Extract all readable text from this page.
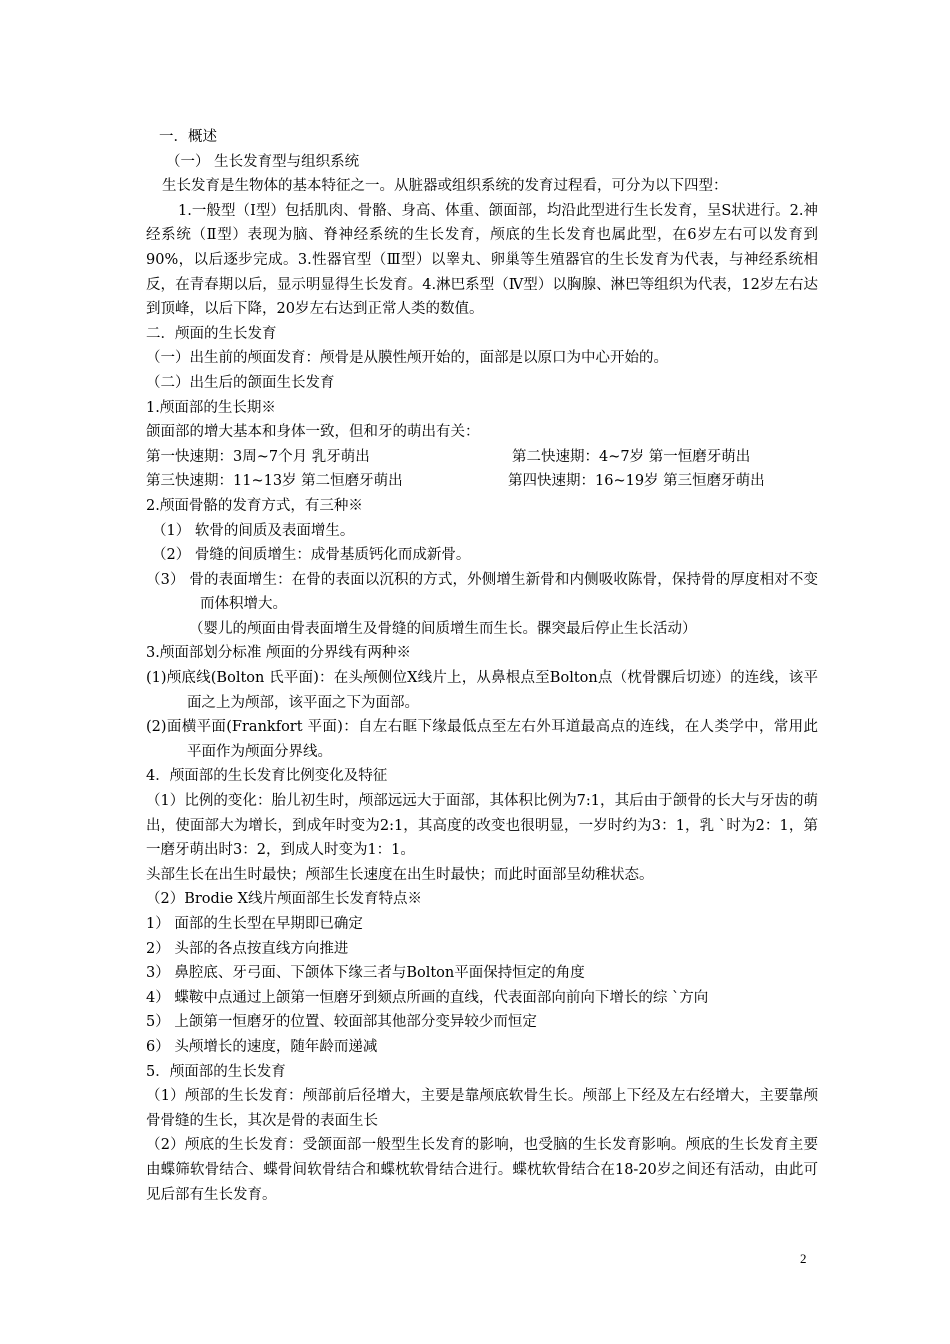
一．概述

（一） 生长发育型与组织系统

生长发育是生物体的基本特征之一。从脏器或组织系统的发育过程看，可分为以下四型：

1.一般型（Ⅰ型）包括肌肉、骨骼、身高、体重、颌面部，均沿此型进行生长发育，呈S状进行。2.神经系统（Ⅱ型）表现为脑、脊神经系统的生长发育，颅底的生长发育也属此型，在6岁左右可以发育到90%，以后逐步完成。3.性器官型（Ⅲ型）以睾丸、卵巢等生殖器官的生长发育为代表，与神经系统相反，在青春期以后，显示明显得生长发育。4.淋巴系型（Ⅳ型）以胸腺、淋巴等组织为代表，12岁左右达到顶峰，以后下降，20岁左右达到正常人类的数值。

二．颅面的生长发育

（一）出生前的颅面发育：颅骨是从膜性颅开始的，面部是以原口为中心开始的。

（二）出生后的颌面生长发育

1.颅面部的生长期※

颌面部的增大基本和身体一致，但和牙的萌出有关：

第一快速期：3周~7个月 乳牙萌出	第二快速期：4~7岁 第一恒磨牙萌出
第三快速期：11~13岁 第二恒磨牙萌出	第四快速期：16~19岁 第三恒磨牙萌出

2.颅面骨骼的发育方式，有三种※

（1） 软骨的间质及表面增生。

（2） 骨缝的间质增生：成骨基质钙化而成新骨。

（3） 骨的表面增生：在骨的表面以沉积的方式，外侧增生新骨和内侧吸收陈骨，保持骨的厚度相对不变而体积增大。

（婴儿的颅面由骨表面增生及骨缝的间质增生而生长。髁突最后停止生长活动）

3.颅面部划分标准 颅面的分界线有两种※

(1)颅底线(Bolton 氏平面)：在头颅侧位X线片上，从鼻根点至Bolton点（枕骨髁后切迹）的连线，该平面之上为颅部，该平面之下为面部。

(2)面横平面(Frankfort 平面)：自左右眶下缘最低点至左右外耳道最高点的连线，在人类学中，常用此平面作为颅面分界线。

4．颅面部的生长发育比例变化及特征

（1）比例的变化：胎儿初生时，颅部远远大于面部，其体积比例为7:1，其后由于颌骨的长大与牙齿的萌出，使面部大为增长，到成年时变为2:1，其高度的改变也很明显，一岁时约为3：1，乳 `时为2：1，第一磨牙萌出时3：2，到成人时变为1：1。

头部生长在出生时最快；颅部生长速度在出生时最快；而此时面部呈幼稚状态。

（2）Brodie X线片颅面部生长发育特点※

1） 面部的生长型在早期即已确定

2） 头部的各点按直线方向推进

3） 鼻腔底、牙弓面、下颌体下缘三者与Bolton平面保持恒定的角度

4） 蝶鞍中点通过上颌第一恒磨牙到颏点所画的直线，代表面部向前向下增长的综 `方向

5） 上颌第一恒磨牙的位置、较面部其他部分变异较少而恒定

6） 头颅增长的速度，随年龄而递减

5．颅面部的生长发育

（1）颅部的生长发育：颅部前后径增大，主要是靠颅底软骨生长。颅部上下经及左右经增大，主要靠颅骨骨缝的生长，其次是骨的表面生长

（2）颅底的生长发育：受颌面部一般型生长发育的影响，也受脑的生长发育影响。颅底的生长发育主要由蝶筛软骨结合、蝶骨间软骨结合和蝶枕软骨结合进行。蝶枕软骨结合在18-20岁之间还有活动，由此可见后部有生长发育。

2
